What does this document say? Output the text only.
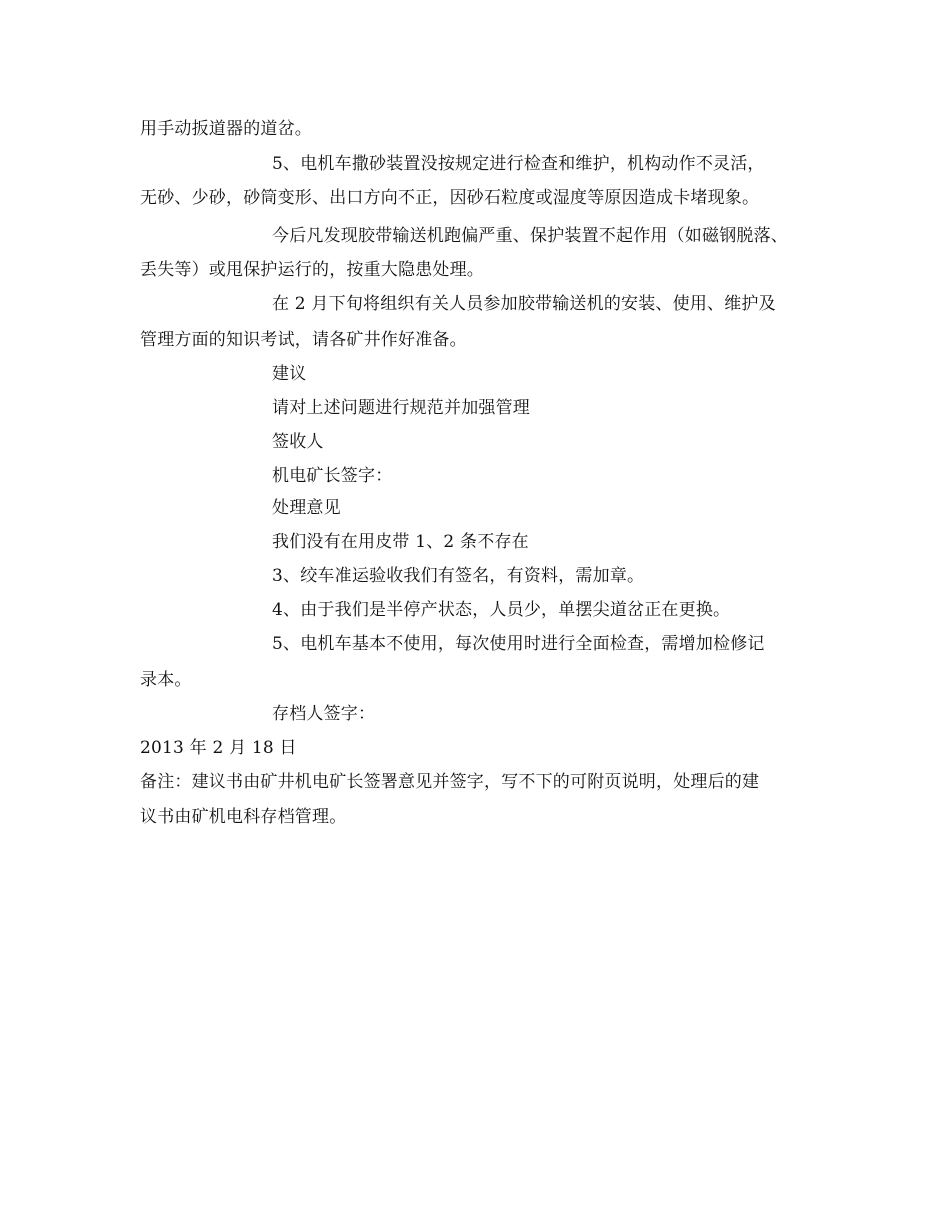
用手动扳道器的道岔。
5、电机车撒砂装置没按规定进行检查和维护，机构动作不灵活，
无砂、少砂，砂筒变形、出口方向不正，因砂石粒度或湿度等原因造成卡堵现象。
今后凡发现胶带输送机跑偏严重、保护装置不起作用（如磁钢脱落、
丢失等）或甩保护运行的，按重大隐患处理。
在 2 月下旬将组织有关人员参加胶带输送机的安装、使用、维护及
管理方面的知识考试，请各矿井作好准备。
建议
请对上述问题进行规范并加强管理
签收人
机电矿长签字：
处理意见
我们没有在用皮带 1、2 条不存在
3、绞车准运验收我们有签名，有资料，需加章。
4、由于我们是半停产状态，人员少，单摆尖道岔正在更换。
5、电机车基本不使用，每次使用时进行全面检查，需增加检修记
录本。
存档人签字：
2013 年 2 月 18 日
备注：建议书由矿井机电矿长签署意见并签字，写不下的可附页说明，处理后的建
议书由矿机电科存档管理。
